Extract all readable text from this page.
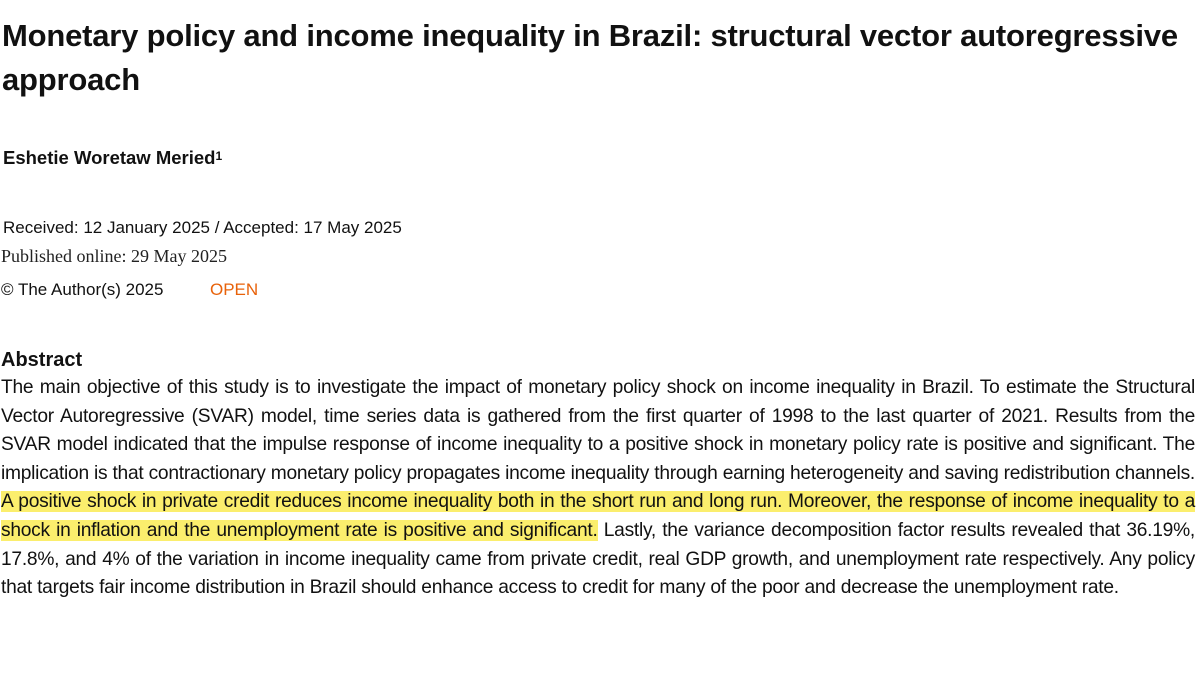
Monetary policy and income inequality in Brazil: structural vector autoregressive approach
Eshetie Woretaw Meried$^1$
Received: 12 January 2025 / Accepted: 17 May 2025
Published online: 29 May 2025
© The Author(s) 2025	OPEN
Abstract

The main objective of this study is to investigate the impact of monetary policy shock on income inequality in Brazil. To estimate the Structural Vector Autoregressive (SVAR) model, time series data is gathered from the first quarter of 1998 to the last quarter of 2021. Results from the SVAR model indicated that the impulse response of income inequality to a positive shock in monetary policy rate is positive and significant. The implication is that contractionary monetary policy propagates income inequality through earning heterogeneity and saving redistribution channels. A positive shock in private credit reduces income inequality both in the short run and long run. Moreover, the response of income inequality to a shock in inflation and the unemployment rate is positive and significant. Lastly, the variance decomposition factor results revealed that 36.19%, 17.8%, and 4% of the variation in income inequality came from private credit, real GDP growth, and unemployment rate respectively. Any policy that targets fair income distribution in Brazil should enhance access to credit for many of the poor and decrease the unemployment rate.
